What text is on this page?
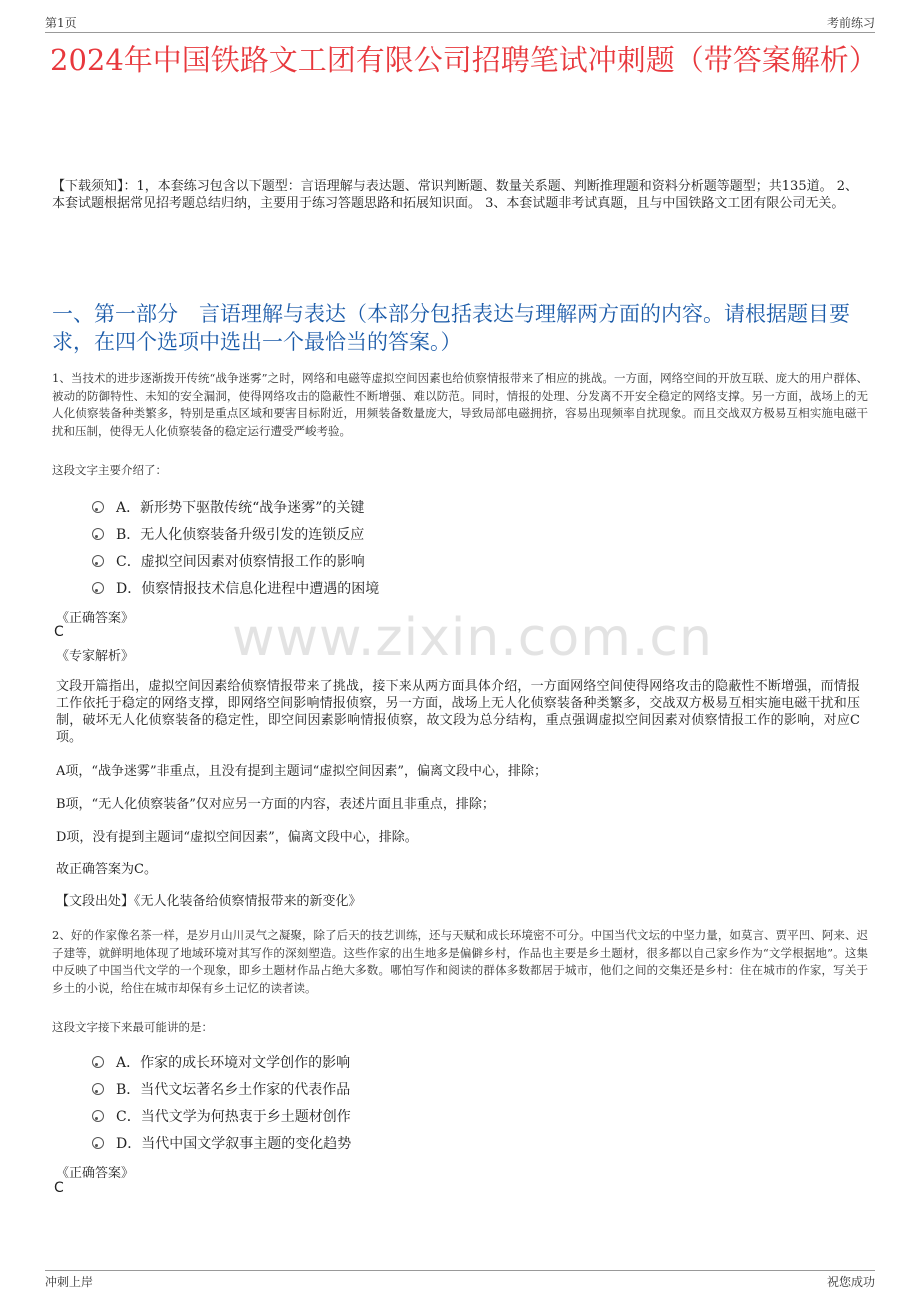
第1页	考前练习
2024年中国铁路文工团有限公司招聘笔试冲刺题（带答案解析）
【下载须知】：1，本套练习包含以下题型：言语理解与表达题、常识判断题、数量关系题、判断推理题和资料分析题等题型；共135道。 2、本套试题根据常见招考题总结归纳，主要用于练习答题思路和拓展知识面。 3、本套试题非考试真题，且与中国铁路文工团有限公司无关。
一、第一部分　言语理解与表达（本部分包括表达与理解两方面的内容。请根据题目要求，在四个选项中选出一个最恰当的答案。）
1、当技术的进步逐渐拨开传统“战争迷雾”之时，网络和电磁等虚拟空间因素也给侦察情报带来了相应的挑战。一方面，网络空间的开放互联、庞大的用户群体、被动的防御特性、未知的安全漏洞，使得网络攻击的隐蔽性不断增强、难以防范。同时，情报的处理、分发离不开安全稳定的网络支撑。另一方面，战场上的无人化侦察装备种类繁多，特别是重点区域和要害目标附近，用频装备数量庞大，导致局部电磁拥挤，容易出现频率自扰现象。而且交战双方极易互相实施电磁干扰和压制，使得无人化侦察装备的稳定运行遭受严峻考验。
这段文字主要介绍了：
A．新形势下驱散传统“战争迷雾”的关键
B．无人化侦察装备升级引发的连锁反应
C．虚拟空间因素对侦察情报工作的影响
D．侦察情报技术信息化进程中遭遇的困境
《正确答案》
C	www.zixin.com.cn
《专家解析》
文段开篇指出，虚拟空间因素给侦察情报带来了挑战，接下来从两方面具体介绍，一方面网络空间使得网络攻击的隐蔽性不断增强，而情报工作依托于稳定的网络支撑，即网络空间影响情报侦察，另一方面，战场上无人化侦察装备种类繁多，交战双方极易互相实施电磁干扰和压制，破坏无人化侦察装备的稳定性，即空间因素影响情报侦察，故文段为总分结构，重点强调虚拟空间因素对侦察情报工作的影响，对应C项。
A项，“战争迷雾”非重点，且没有提到主题词“虚拟空间因素”，偏离文段中心，排除；
B项，“无人化侦察装备”仅对应另一方面的内容，表述片面且非重点，排除；
D项，没有提到主题词“虚拟空间因素”，偏离文段中心，排除。
故正确答案为C。
【文段出处】《无人化装备给侦察情报带来的新变化》
2、好的作家像名茶一样，是岁月山川灵气之凝聚，除了后天的技艺训练，还与天赋和成长环境密不可分。中国当代文坛的中坚力量，如莫言、贾平凹、阿来、迟子建等，就鲜明地体现了地域环境对其写作的深刻塑造。这些作家的出生地多是偏僻乡村，作品也主要是乡土题材，很多都以自己家乡作为“文学根据地”。这集中反映了中国当代文学的一个现象，即乡土题材作品占绝大多数。哪怕写作和阅读的群体多数都居于城市，他们之间的交集还是乡村：住在城市的作家，写关于乡土的小说，给住在城市却保有乡土记忆的读者读。
这段文字接下来最可能讲的是：
A．作家的成长环境对文学创作的影响
B．当代文坛著名乡土作家的代表作品
C．当代文学为何热衷于乡土题材创作
D．当代中国文学叙事主题的变化趋势
《正确答案》
C
冲刺上岸	祝您成功
